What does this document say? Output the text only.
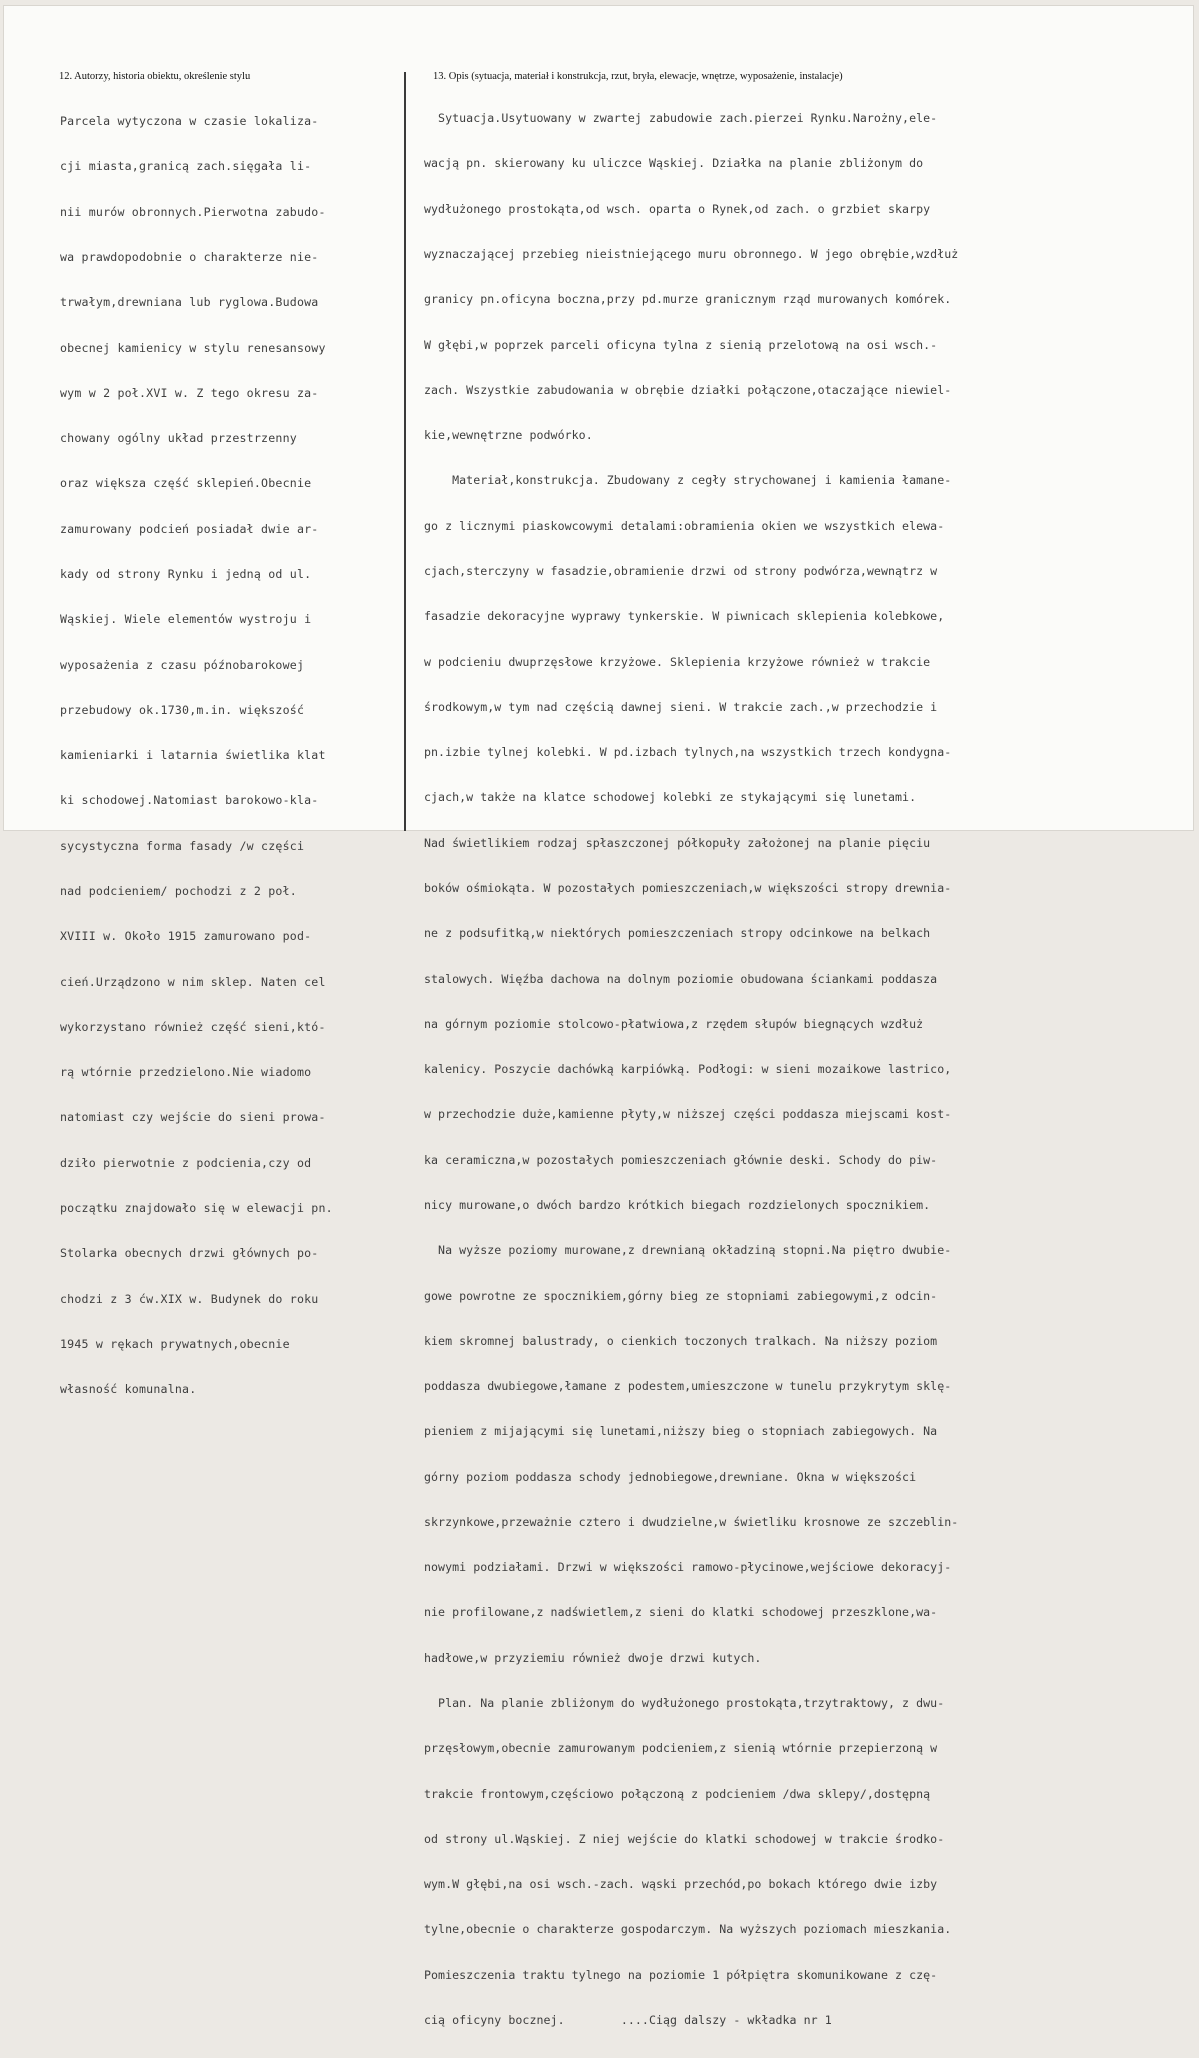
12. Autorzy, historia obiektu, określenie stylu	13. Opis (sytuacja, materiał i konstrukcja, rzut, bryła, elewacje, wnętrze, wyposażenie, instalacje)

Parcela wytyczona w czasie lokaliza-

cji miasta,granicą zach.sięgała li-

nii murów obronnych.Pierwotna zabudo-

wa prawdopodobnie o charakterze nie-

trwałym,drewniana lub ryglowa.Budowa

obecnej kamienicy w stylu renesansowy

wym w 2 poł.XVI w. Z tego okresu za-

chowany ogólny układ przestrzenny

oraz większa część sklepień.Obecnie

zamurowany podcień posiadał dwie ar-

kady od strony Rynku i jedną od ul.

Wąskiej. Wiele elementów wystroju i

wyposażenia z czasu późnobarokowej

przebudowy ok.1730,m.in. większość

kamieniarki i latarnia świetlika klat

ki schodowej.Natomiast barokowo-kla-

sycystyczna forma fasady /w części

nad podcieniem/ pochodzi z 2 poł.

XVIII w. Około 1915 zamurowano pod-

cień.Urządzono w nim sklep. Naten cel

wykorzystano również część sieni,któ-

rą wtórnie przedzielono.Nie wiadomo

natomiast czy wejście do sieni prowa-

dziło pierwotnie z podcienia,czy od

początku znajdowało się w elewacji pn.

Stolarka obecnych drzwi głównych po-

chodzi z 3 ćw.XIX w. Budynek do roku

1945 w rękach prywatnych,obecnie

własność komunalna.

Sytuacja.Usytuowany w zwartej zabudowie zach.pierzei Rynku.Narożny,ele-

wacją pn. skierowany ku uliczce Wąskiej. Działka na planie zbliżonym do

wydłużonego prostokąta,od wsch. oparta o Rynek,od zach. o grzbiet skarpy

wyznaczającej przebieg nieistniejącego muru obronnego. W jego obrębie,wzdłuż

granicy pn.oficyna boczna,przy pd.murze granicznym rząd murowanych komórek.

W głębi,w poprzek parceli oficyna tylna z sienią przelotową na osi wsch.-

zach. Wszystkie zabudowania w obrębie działki połączone,otaczające niewiel-

kie,wewnętrzne podwórko.

Materiał,konstrukcja. Zbudowany z cegły strychowanej i kamienia łamane-

go z licznymi piaskowcowymi detalami:obramienia okien we wszystkich elewa-

cjach,sterczyny w fasadzie,obramienie drzwi od strony podwórza,wewnątrz w

fasadzie dekoracyjne wyprawy tynkerskie. W piwnicach sklepienia kolebkowe,

w podcieniu dwuprzęsłowe krzyżowe. Sklepienia krzyżowe również w trakcie

środkowym,w tym nad częścią dawnej sieni. W trakcie zach.,w przechodzie i

pn.izbie tylnej kolebki. W pd.izbach tylnych,na wszystkich trzech kondygna-

cjach,w także na klatce schodowej kolebki ze stykającymi się lunetami.

Nad świetlikiem rodzaj spłaszczonej półkopuły założonej na planie pięciu

boków ośmiokąta. W pozostałych pomieszczeniach,w większości stropy drewnia-

ne z podsufitką,w niektórych pomieszczeniach stropy odcinkowe na belkach

stalowych. Więźba dachowa na dolnym poziomie obudowana ściankami poddasza

na górnym poziomie stolcowo-płatwiowa,z rzędem słupów biegnących wzdłuż

kalenicy. Poszycie dachówką karpiówką. Podłogi: w sieni mozaikowe lastrico,

w przechodzie duże,kamienne płyty,w niższej części poddasza miejscami kost-

ka ceramiczna,w pozostałych pomieszczeniach głównie deski. Schody do piw-

nicy murowane,o dwóch bardzo krótkich biegach rozdzielonych spocznikiem.

Na wyższe poziomy murowane,z drewnianą okładziną stopni.Na piętro dwubie-

gowe powrotne ze spocznikiem,górny bieg ze stopniami zabiegowymi,z odcin-

kiem skromnej balustrady, o cienkich toczonych tralkach. Na niższy poziom

poddasza dwubiegowe,łamane z podestem,umieszczone w tunelu przykrytym sklę-

pieniem z mijającymi się lunetami,niższy bieg o stopniach zabiegowych. Na

górny poziom poddasza schody jednobiegowe,drewniane. Okna w większości

skrzynkowe,przeważnie cztero i dwudzielne,w świetliku krosnowe ze szczeblin-

nowymi podziałami. Drzwi w większości ramowo-płycinowe,wejściowe dekoracyj-

nie profilowane,z nadświetlem,z sieni do klatki schodowej przeszklone,wa-

hadłowe,w przyziemiu również dwoje drzwi kutych.

Plan. Na planie zbliżonym do wydłużonego prostokąta,trzytraktowy, z dwu-

przęsłowym,obecnie zamurowanym podcieniem,z sienią wtórnie przepierzoną w

trakcie frontowym,częściowo połączoną z podcieniem /dwa sklepy/,dostępną

od strony ul.Wąskiej. Z niej wejście do klatki schodowej w trakcie środko-

wym.W głębi,na osi wsch.-zach. wąski przechód,po bokach którego dwie izby

tylne,obecnie o charakterze gospodarczym. Na wyższych poziomach mieszkania.

Pomieszczenia traktu tylnego na poziomie 1 półpiętra skomunikowane z czę-

cią oficyny bocznej.        ....Ciąg dalszy - wkładka nr 1
